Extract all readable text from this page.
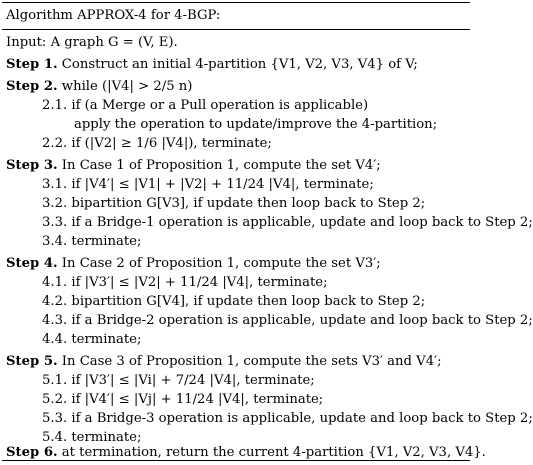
Algorithm APPROX-4 for 4-BGP:
Input: A graph G = (V, E).
Step 1. Construct an initial 4-partition {V1, V2, V3, V4} of V;
Step 2. while (|V4| > 2/5 n)
2.1. if (a Merge or a Pull operation is applicable)
apply the operation to update/improve the 4-partition;
2.2. if (|V2| ≥ 1/6 |V4|), terminate;
Step 3. In Case 1 of Proposition 1, compute the set V4′;
3.1. if |V4′| ≤ |V1| + |V2| + 11/24 |V4|, terminate;
3.2. bipartition G[V3], if update then loop back to Step 2;
3.3. if a Bridge-1 operation is applicable, update and loop back to Step 2;
3.4. terminate;
Step 4. In Case 2 of Proposition 1, compute the set V3′;
4.1. if |V3′| ≤ |V2| + 11/24 |V4|, terminate;
4.2. bipartition G[V4], if update then loop back to Step 2;
4.3. if a Bridge-2 operation is applicable, update and loop back to Step 2;
4.4. terminate;
Step 5. In Case 3 of Proposition 1, compute the sets V3′ and V4′;
5.1. if |V3′| ≤ |Vi| + 7/24 |V4|, terminate;
5.2. if |V4′| ≤ |Vj| + 11/24 |V4|, terminate;
5.3. if a Bridge-3 operation is applicable, update and loop back to Step 2;
5.4. terminate;
Step 6. at termination, return the current 4-partition {V1, V2, V3, V4}.
